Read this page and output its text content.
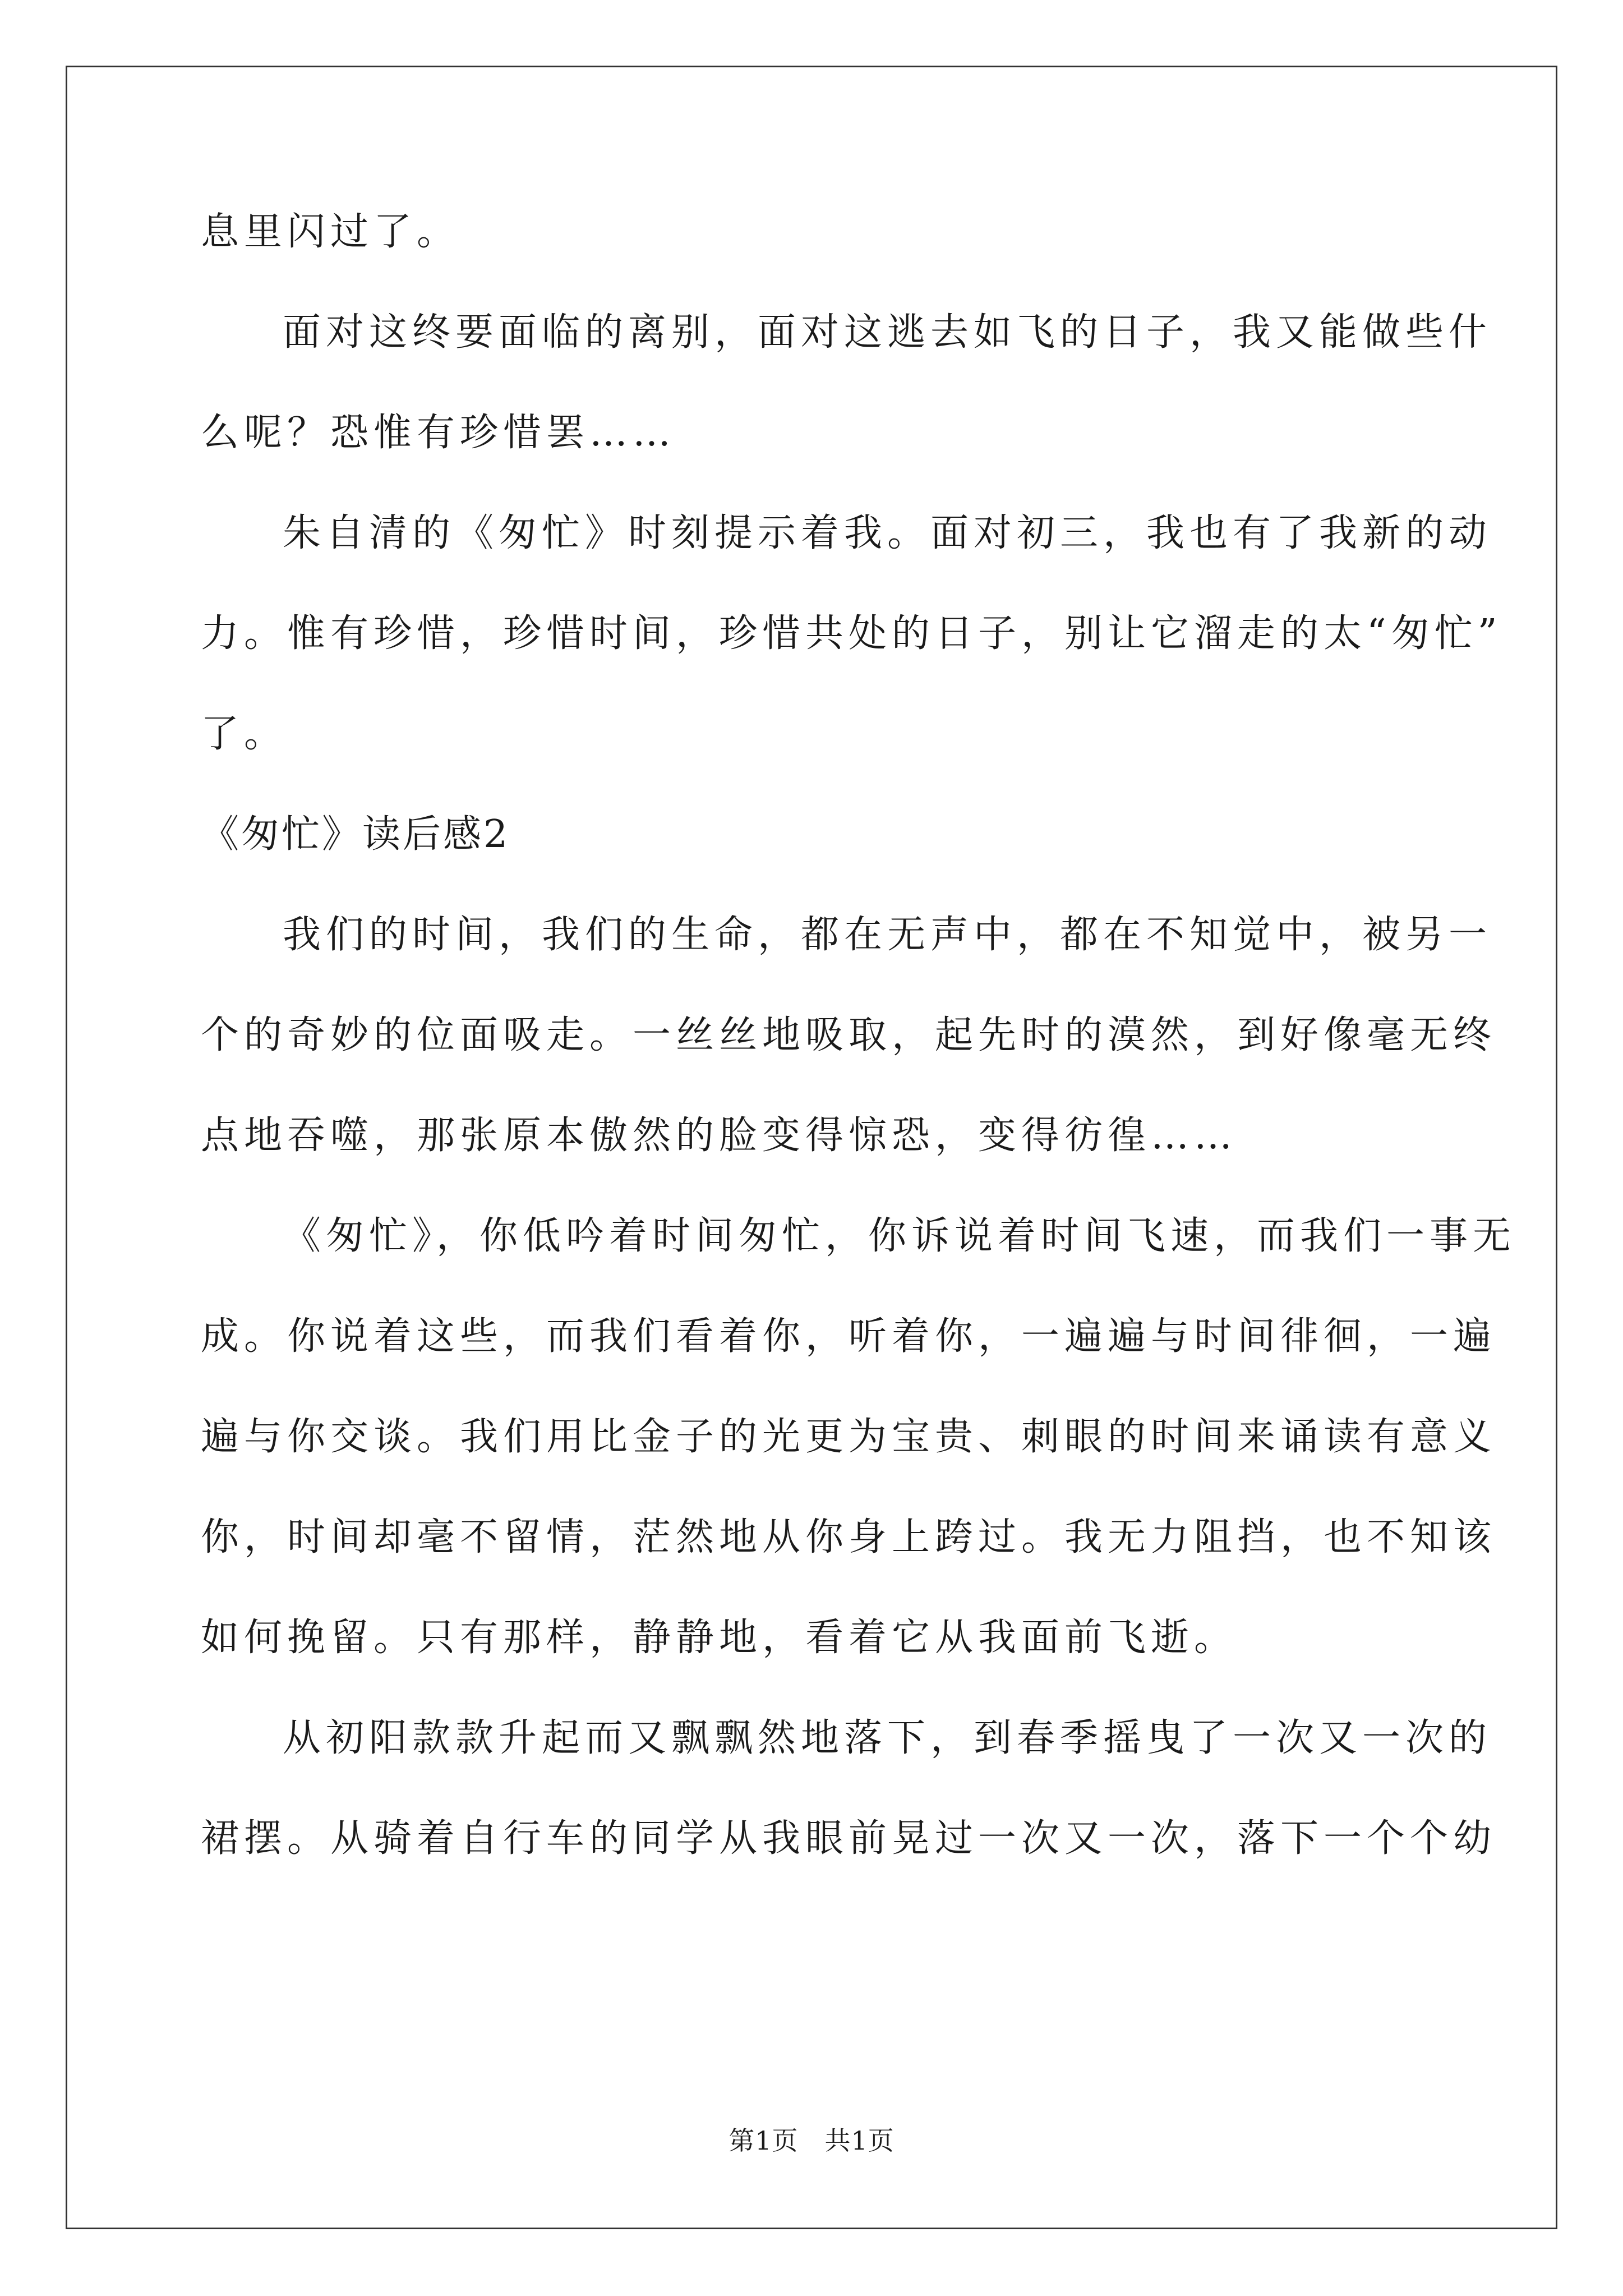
息里闪过了。
面对这终要面临的离别，面对这逃去如飞的日子，我又能做些什
么呢？恐惟有珍惜罢……
朱自清的《匆忙》时刻提示着我。面对初三，我也有了我新的动
力。惟有珍惜，珍惜时间，珍惜共处的日子，别让它溜走的太“匆忙”
了。
《匆忙》读后感2
我们的时间，我们的生命，都在无声中，都在不知觉中，被另一
个的奇妙的位面吸走。一丝丝地吸取，起先时的漠然，到好像毫无终
点地吞噬，那张原本傲然的脸变得惊恐，变得彷徨……
《匆忙》，你低吟着时间匆忙，你诉说着时间飞速，而我们一事无
成。你说着这些，而我们看着你，听着你，一遍遍与时间徘徊，一遍
遍与你交谈。我们用比金子的光更为宝贵、刺眼的时间来诵读有意义
你，时间却毫不留情，茫然地从你身上跨过。我无力阻挡，也不知该
如何挽留。只有那样，静静地，看着它从我面前飞逝。
从初阳款款升起而又飘飘然地落下，到春季摇曳了一次又一次的
裙摆。从骑着自行车的同学从我眼前晃过一次又一次，落下一个个幼
第1页　共1页
